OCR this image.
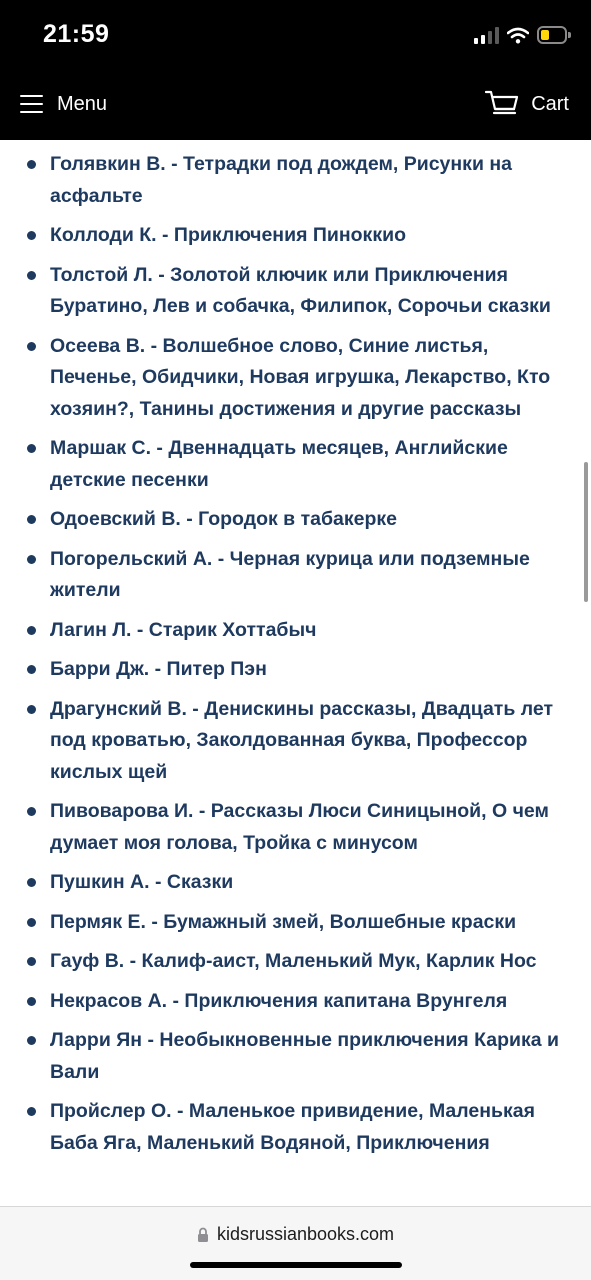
21:59
Menu	Cart
Голявкин В. - Тетрадки под дождем, Рисунки на асфальте
Коллоди К. - Приключения Пиноккио
Толстой Л. - Золотой ключик или Приключения Буратино, Лев и собачка, Филипок, Сорочьи сказки
Осеева В. - Волшебное слово, Синие листья, Печенье, Обидчики, Новая игрушка, Лекарство, Кто хозяин?, Танины достижения и другие рассказы
Маршак С. - Двеннадцать месяцев, Английские детские песенки
Одоевский В. - Городок в табакерке
Погорельский А. - Черная курица или подземные жители
Лагин Л. - Старик Хоттабыч
Барри Дж. - Питер Пэн
Драгунский В. - Денискины рассказы, Двадцать лет под кроватью, Заколдованная буква, Профессор кислых щей
Пивоварова И. - Рассказы Люси Синицыной, О чем думает моя голова, Тройка с минусом
Пушкин А. - Сказки
Пермяк Е. - Бумажный змей, Волшебные краски
Гауф В. - Калиф-аист, Маленький Мук, Карлик Нос
Некрасов А. - Приключения капитана Врунгеля
Ларри Ян - Необыкновенные приключения Карика и Вали
Пройслер О. - Маленькое привидение, Маленькая Баба Яга, Маленький Водяной, Приключения
kidsrussianbooks.com
